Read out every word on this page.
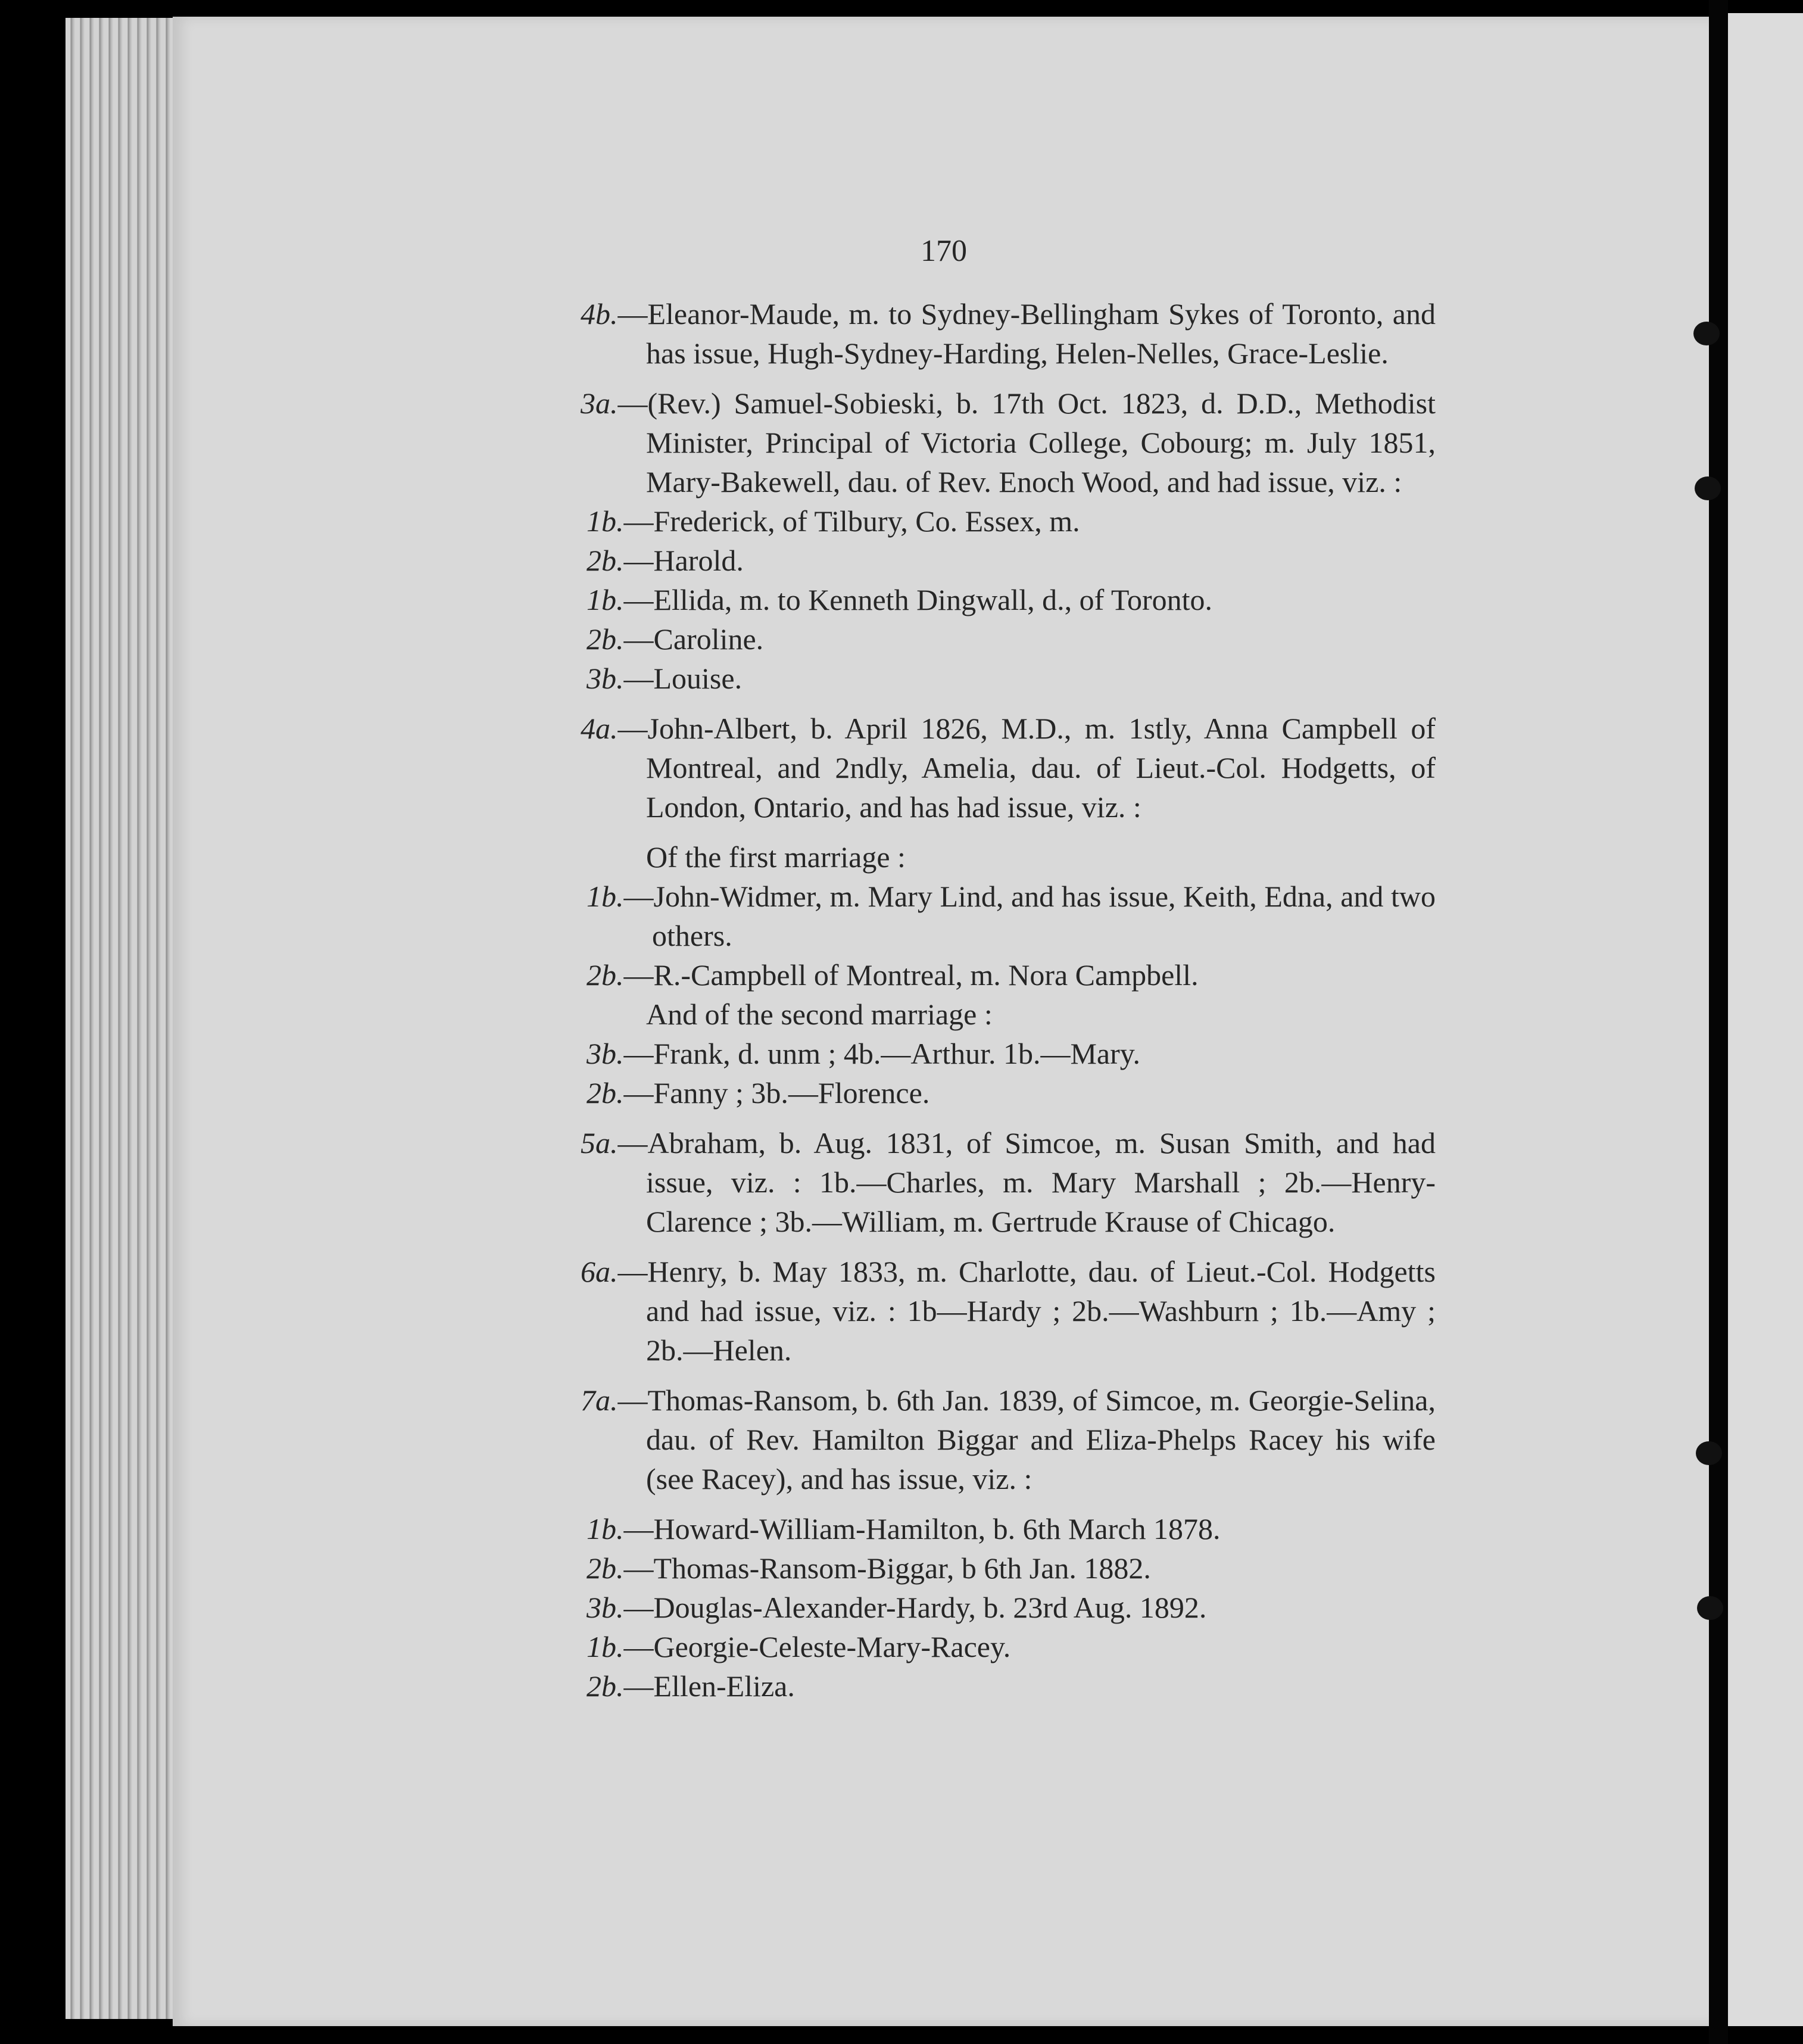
170

4b.—Eleanor-Maude, m. to Sydney-Bellingham Sykes of Toronto, and has issue, Hugh-Sydney-Harding, Helen-Nelles, Grace-Leslie.

3a.—(Rev.) Samuel-Sobieski, b. 17th Oct. 1823, d. D.D., Methodist Minister, Principal of Victoria College, Cobourg; m. July 1851, Mary-Bakewell, dau. of Rev. Enoch Wood, and had issue, viz. :

1b.—Frederick, of Tilbury, Co. Essex, m.

2b.—Harold.

1b.—Ellida, m. to Kenneth Dingwall, d., of Toronto.

2b.—Caroline.

3b.—Louise.

4a.—John-Albert, b. April 1826, M.D., m. 1stly, Anna Campbell of Montreal, and 2ndly, Amelia, dau. of Lieut.-Col. Hodgetts, of London, Ontario, and has had issue, viz. :

Of the first marriage :

1b.—John-Widmer, m. Mary Lind, and has issue, Keith, Edna, and two others.

2b.—R.-Campbell of Montreal, m. Nora Campbell.

And of the second marriage :

3b.—Frank, d. unm ; 4b.—Arthur. 1b.—Mary.

2b.—Fanny ; 3b.—Florence.

5a.—Abraham, b. Aug. 1831, of Simcoe, m. Susan Smith, and had issue, viz. : 1b.—Charles, m. Mary Marshall ; 2b.—Henry-Clarence ; 3b.—William, m. Gertrude Krause of Chicago.

6a.—Henry, b. May 1833, m. Charlotte, dau. of Lieut.-Col. Hodgetts and had issue, viz. : 1b—Hardy ; 2b.—Washburn ; 1b.—Amy ; 2b.—Helen.

7a.—Thomas-Ransom, b. 6th Jan. 1839, of Simcoe, m. Georgie-Selina, dau. of Rev. Hamilton Biggar and Eliza-Phelps Racey his wife (see Racey), and has issue, viz. :

1b.—Howard-William-Hamilton, b. 6th March 1878.

2b.—Thomas-Ransom-Biggar, b 6th Jan. 1882.

3b.—Douglas-Alexander-Hardy, b. 23rd Aug. 1892.

1b.—Georgie-Celeste-Mary-Racey.

2b.—Ellen-Eliza.
